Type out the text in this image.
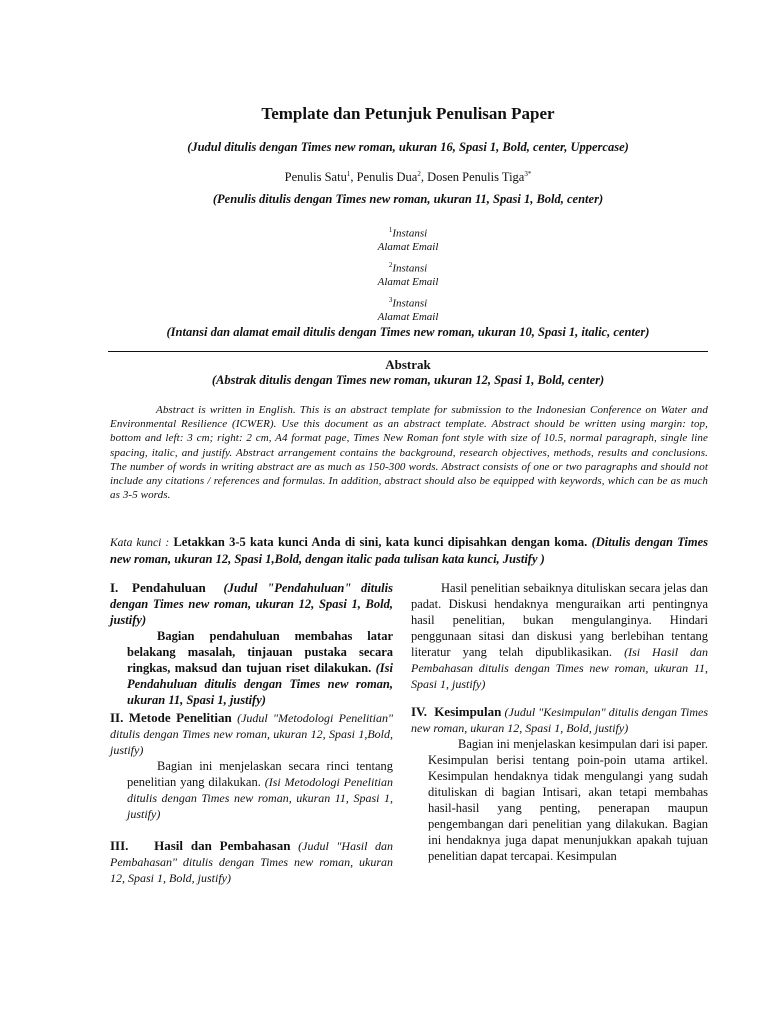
Template dan Petunjuk Penulisan Paper
(Judul ditulis dengan Times new roman, ukuran 16, Spasi 1, Bold, center, Uppercase)
Penulis Satu$^1$, Penulis Dua$^2$, Dosen Penulis Tiga$^{3*}$
(Penulis ditulis dengan Times new roman, ukuran 11, Spasi 1, Bold, center)
$^1$Instansi
Alamat Email
$^2$Instansi
Alamat Email
$^3$Instansi
Alamat Email
(Intansi dan alamat email ditulis dengan Times new roman, ukuran 10, Spasi 1, italic, center)
Abstrak
(Abstrak ditulis dengan Times new roman, ukuran 12, Spasi 1, Bold, center)
Abstract is written in English. This is an abstract template for submission to the Indonesian Conference on Water and Environmental Resilience (ICWER). Use this document as an abstract template. Abstract should be written using margin: top, bottom and left: 3 cm; right: 2 cm, A4 format page, Times New Roman font style with size of 10.5, normal paragraph, single line spacing, italic, and justify. Abstract arrangement contains the background, research objectives, methods, results and conclusions. The number of words in writing abstract are as much as 150-300 words. Abstract consists of one or two paragraphs and should not include any citations / references and formulas. In addition, abstract should also be equipped with keywords, which can be as much as 3-5 words.
Kata kunci : Letakkan 3-5 kata kunci Anda di sini, kata kunci dipisahkan dengan koma. (Ditulis dengan Times new roman, ukuran 12, Spasi 1,Bold, dengan italic pada tulisan kata kunci, Justify )

I. Pendahuluan (Judul "Pendahuluan" ditulis dengan Times new roman, ukuran 12, Spasi 1, Bold, justify)

Bagian pendahuluan membahas latar belakang masalah, tinjauan pustaka secara ringkas, maksud dan tujuan riset dilakukan. (Isi Pendahuluan ditulis dengan Times new roman, ukuran 11, Spasi 1, justify)

II. Metode Penelitian (Judul "Metodologi Penelitian" ditulis dengan Times new roman, ukuran 12, Spasi 1,Bold, justify)

Bagian ini menjelaskan secara rinci tentang penelitian yang dilakukan. (Isi Metodologi Penelitian ditulis dengan Times new roman, ukuran 11, Spasi 1, justify)

III. Hasil dan Pembahasan (Judul "Hasil dan Pembahasan" ditulis dengan Times new roman, ukuran 12, Spasi 1, Bold, justify)

Hasil penelitian sebaiknya dituliskan secara jelas dan padat. Diskusi hendaknya menguraikan arti pentingnya hasil penelitian, bukan mengulanginya. Hindari penggunaan sitasi dan diskusi yang berlebihan tentang literatur yang telah dipublikasikan. (Isi Hasil dan Pembahasan ditulis dengan Times new roman, ukuran 11, Spasi 1, justify)

IV. Kesimpulan (Judul "Kesimpulan" ditulis dengan Times new roman, ukuran 12, Spasi 1, Bold, justify)

Bagian ini menjelaskan kesimpulan dari isi paper. Kesimpulan berisi tentang poin-poin utama artikel. Kesimpulan hendaknya tidak mengulangi yang sudah dituliskan di bagian Intisari, akan tetapi membahas hasil-hasil yang penting, penerapan maupun pengembangan dari penelitian yang dilakukan. Bagian ini hendaknya juga dapat menunjukkan apakah tujuan penelitian dapat tercapai. Kesimpulan
